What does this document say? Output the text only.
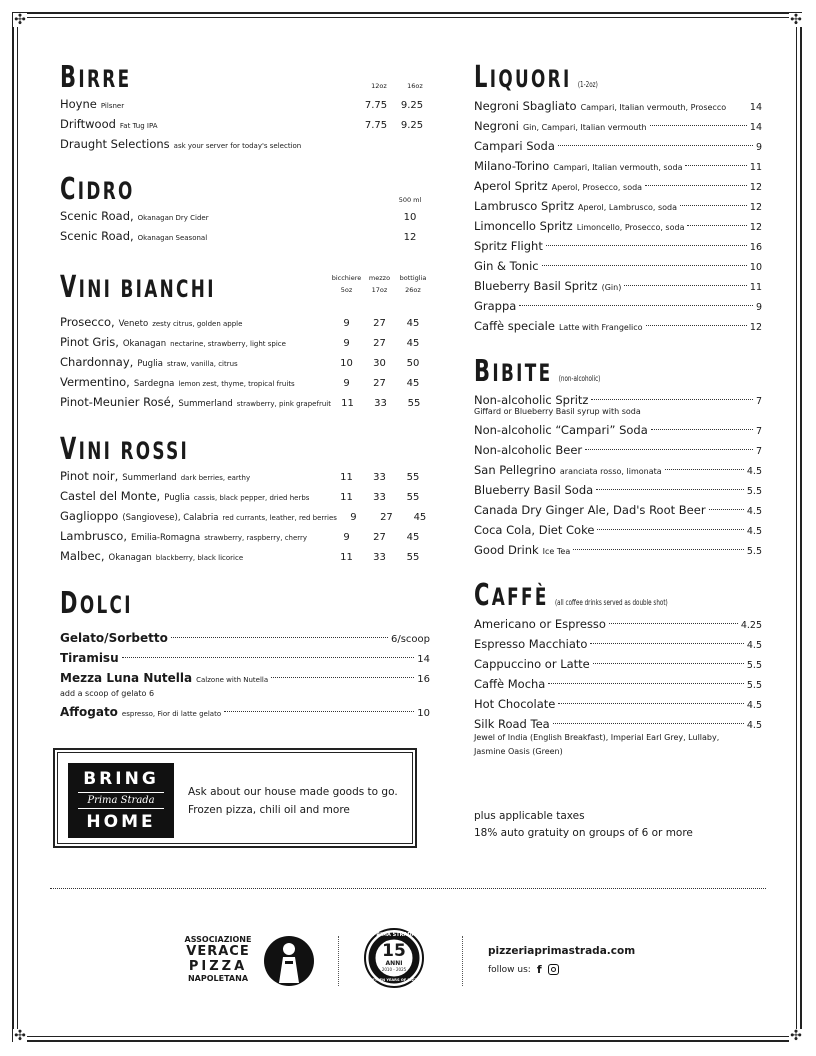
✣	✣
✣	✣
BIRRE	12oz	16oz
Hoyne Pilsner	7.75	9.25
Driftwood Fat Tug IPA	7.75	9.25
Draught Selections ask your server for today's selection
CIDRO	500 ml
Scenic Road, Okanagan Dry Cider	10
Scenic Road, Okanagan Seasonal	12
VINI BIANCHI	bicchiere	mezzo	bottiglia
5oz	17oz	26oz
Prosecco, Veneto zesty citrus, golden apple	9	27	45
Pinot Gris, Okanagan nectarine, strawberry, light spice	9	27	45
Chardonnay, Puglia straw, vanilla, citrus	10	30	50
Vermentino, Sardegna lemon zest, thyme, tropical fruits	9	27	45
Pinot-Meunier Rosé, Summerland strawberry, pink grapefruit	11	33	55
VINI ROSSI
Pinot noir, Summerland dark berries, earthy	11	33	55
Castel del Monte, Puglia cassis, black pepper, dried herbs	11	33	55
Gaglioppo (Sangiovese), Calabria red currants, leather, red berries	9	27	45
Lambrusco, Emilia-Romagna strawberry, raspberry, cherry	9	27	45
Malbec, Okanagan blackberry, black licorice	11	33	55
DOLCI
Gelato/Sorbetto	6/scoop
Tiramisu	14
Mezza Luna Nutella Calzone with Nutella	16
add a scoop of gelato 6
Affogato espresso, Fior di latte gelato	10
BRING
Prima Strada
HOME
Ask about our house made goods to go.
Frozen pizza, chili oil and more
LIQUORI (1-2oz)
Negroni Sbagliato Campari, Italian vermouth, Prosecco	14
Negroni Gin, Campari, Italian vermouth	14
Campari Soda	9
Milano-Torino Campari, Italian vermouth, soda	11
Aperol Spritz Aperol, Prosecco, soda	12
Lambrusco Spritz Aperol, Lambrusco, soda	12
Limoncello Spritz Limoncello, Prosecco, soda	12
Spritz Flight	16
Gin & Tonic	10
Blueberry Basil Spritz (Gin)	11
Grappa	9
Caffè speciale Latte with Frangelico	12
BIBITE (non-alcoholic)
Non-alcoholic Spritz	7
Giffard or Blueberry Basil syrup with soda
Non-alcoholic “Campari” Soda	7
Non-alcoholic Beer	7
San Pellegrino aranciata rosso, limonata	4.5
Blueberry Basil Soda	5.5
Canada Dry Ginger Ale, Dad's Root Beer	4.5
Coca Cola, Diet Coke	4.5
Good Drink Ice Tea	5.5
CAFFÈ (all coffee drinks served as double shot)
Americano or Espresso	4.25
Espresso Macchiato	4.5
Cappuccino or Latte	5.5
Caffè Mocha	5.5
Hot Chocolate	4.5
Silk Road Tea	4.5
Jewel of India (English Breakfast), Imperial Earl Grey, Lullaby,
Jasmine Oasis (Green)
plus applicable taxes
18% auto gratuity on groups of 6 or more
ASSOCIAZIONE
VERACE
PIZZA
NAPOLETANA
PRIMA STRADA
15
ANNI
2010 - 2025
FIFTEEN YEARS OF PIZZA
pizzeriaprimastrada.com
follow us: f
